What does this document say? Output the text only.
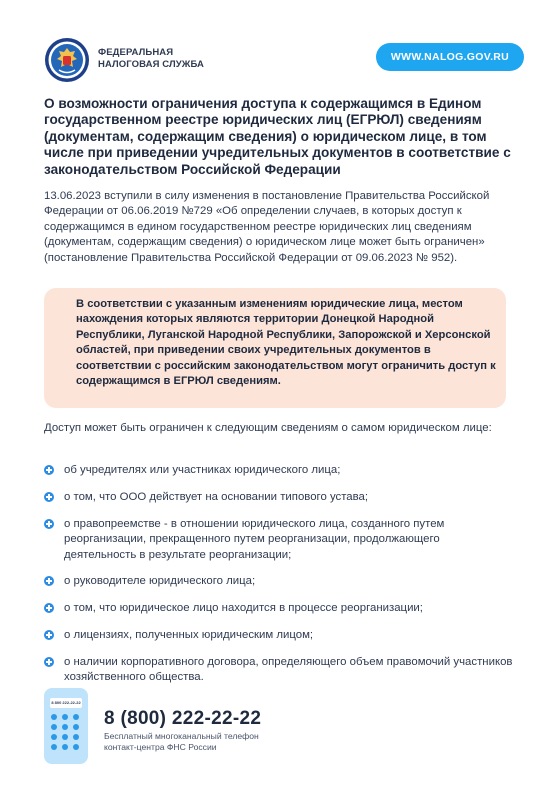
ФЕДЕРАЛЬНАЯ
НАЛОГОВАЯ СЛУЖБА
WWW.NALOG.GOV.RU
О возможности ограничения доступа к содержащимся в Едином государственном реестре юридических лиц (ЕГРЮЛ) сведениям (документам, содержащим сведения) о юридическом лице, в том числе при приведении учредительных документов в соответствие с законодательством Российской Федерации
13.06.2023 вступили в силу изменения в постановление Правительства Российской Федерации от 06.06.2019 №729 «Об определении случаев, в которых доступ к содержащимся в едином государственном реестре юридических лиц сведениям (документам, содержащим сведения) о юридическом лице может быть ограничен» (постановление Правительства Российской Федерации от 09.06.2023 № 952).
В соответствии с указанным изменениям юридические лица, местом нахождения которых являются территории Донецкой Народной Республики, Луганской Народной Республики, Запорожской и Херсонской областей, при приведении своих учредительных документов в соответствии с российским законодательством могут ограничить доступ к содержащимся в ЕГРЮЛ сведениям.
Доступ может быть ограничен к следующим сведениям о самом юридическом лице:
об учредителях или участниках юридического лица;
о том, что ООО действует на основании типового устава;
о правопреемстве - в отношении юридического лица, созданного путем реорганизации, прекращенного путем реорганизации, продолжающего деятельность в результате реорганизации;
о руководителе юридического лица;
о том, что юридическое лицо находится в процессе реорганизации;
о лицензиях, полученных юридическим лицом;
о наличии корпоративного договора, определяющего объем правомочий участников хозяйственного общества.
8 800 222-22-22
8 (800) 222-22-22
Бесплатный многоканальный телефон
контакт-центра ФНС России
